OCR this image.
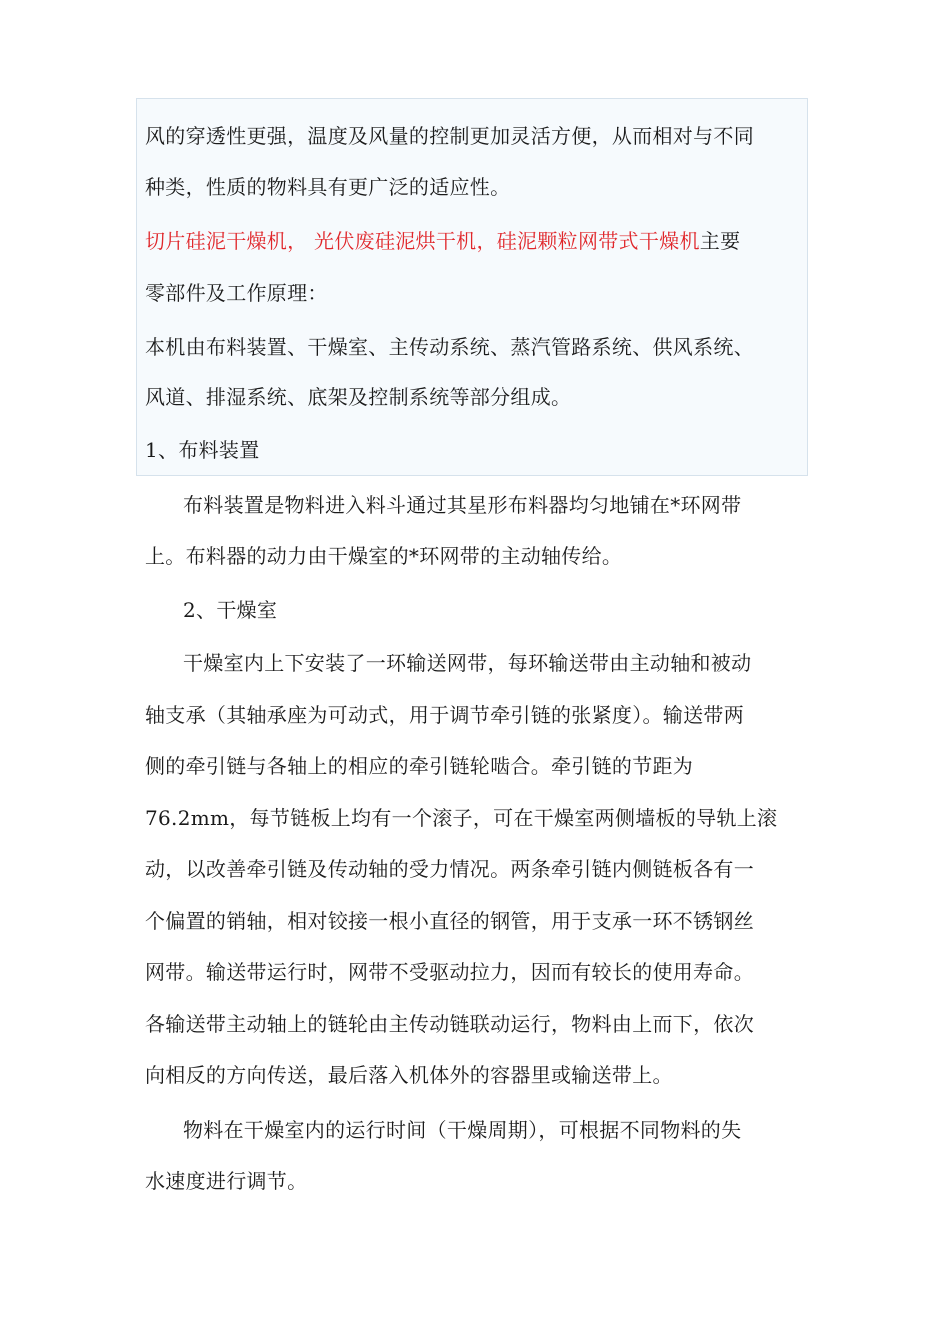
风的穿透性更强，温度及风量的控制更加灵活方便，从而相对与不同
种类，性质的物料具有更广泛的适应性。
切片硅泥干燥机， 光伏废硅泥烘干机，硅泥颗粒网带式干燥机主要
零部件及工作原理：
本机由布料装置、干燥室、主传动系统、蒸汽管路系统、供风系统、
风道、排湿系统、底架及控制系统等部分组成。
1、布料装置
布料装置是物料进入料斗通过其星形布料器均匀地铺在*环网带
上。布料器的动力由干燥室的*环网带的主动轴传给。
2、干燥室
干燥室内上下安装了一环输送网带，每环输送带由主动轴和被动
轴支承（其轴承座为可动式，用于调节牵引链的张紧度）。输送带两
侧的牵引链与各轴上的相应的牵引链轮啮合。牵引链的节距为
76.2mm，每节链板上均有一个滚子，可在干燥室两侧墙板的导轨上滚
动，以改善牵引链及传动轴的受力情况。两条牵引链内侧链板各有一
个偏置的销轴，相对铰接一根小直径的钢管，用于支承一环不锈钢丝
网带。输送带运行时，网带不受驱动拉力，因而有较长的使用寿命。
各输送带主动轴上的链轮由主传动链联动运行，物料由上而下，依次
向相反的方向传送，最后落入机体外的容器里或输送带上。
物料在干燥室内的运行时间（干燥周期），可根据不同物料的失
水速度进行调节。
